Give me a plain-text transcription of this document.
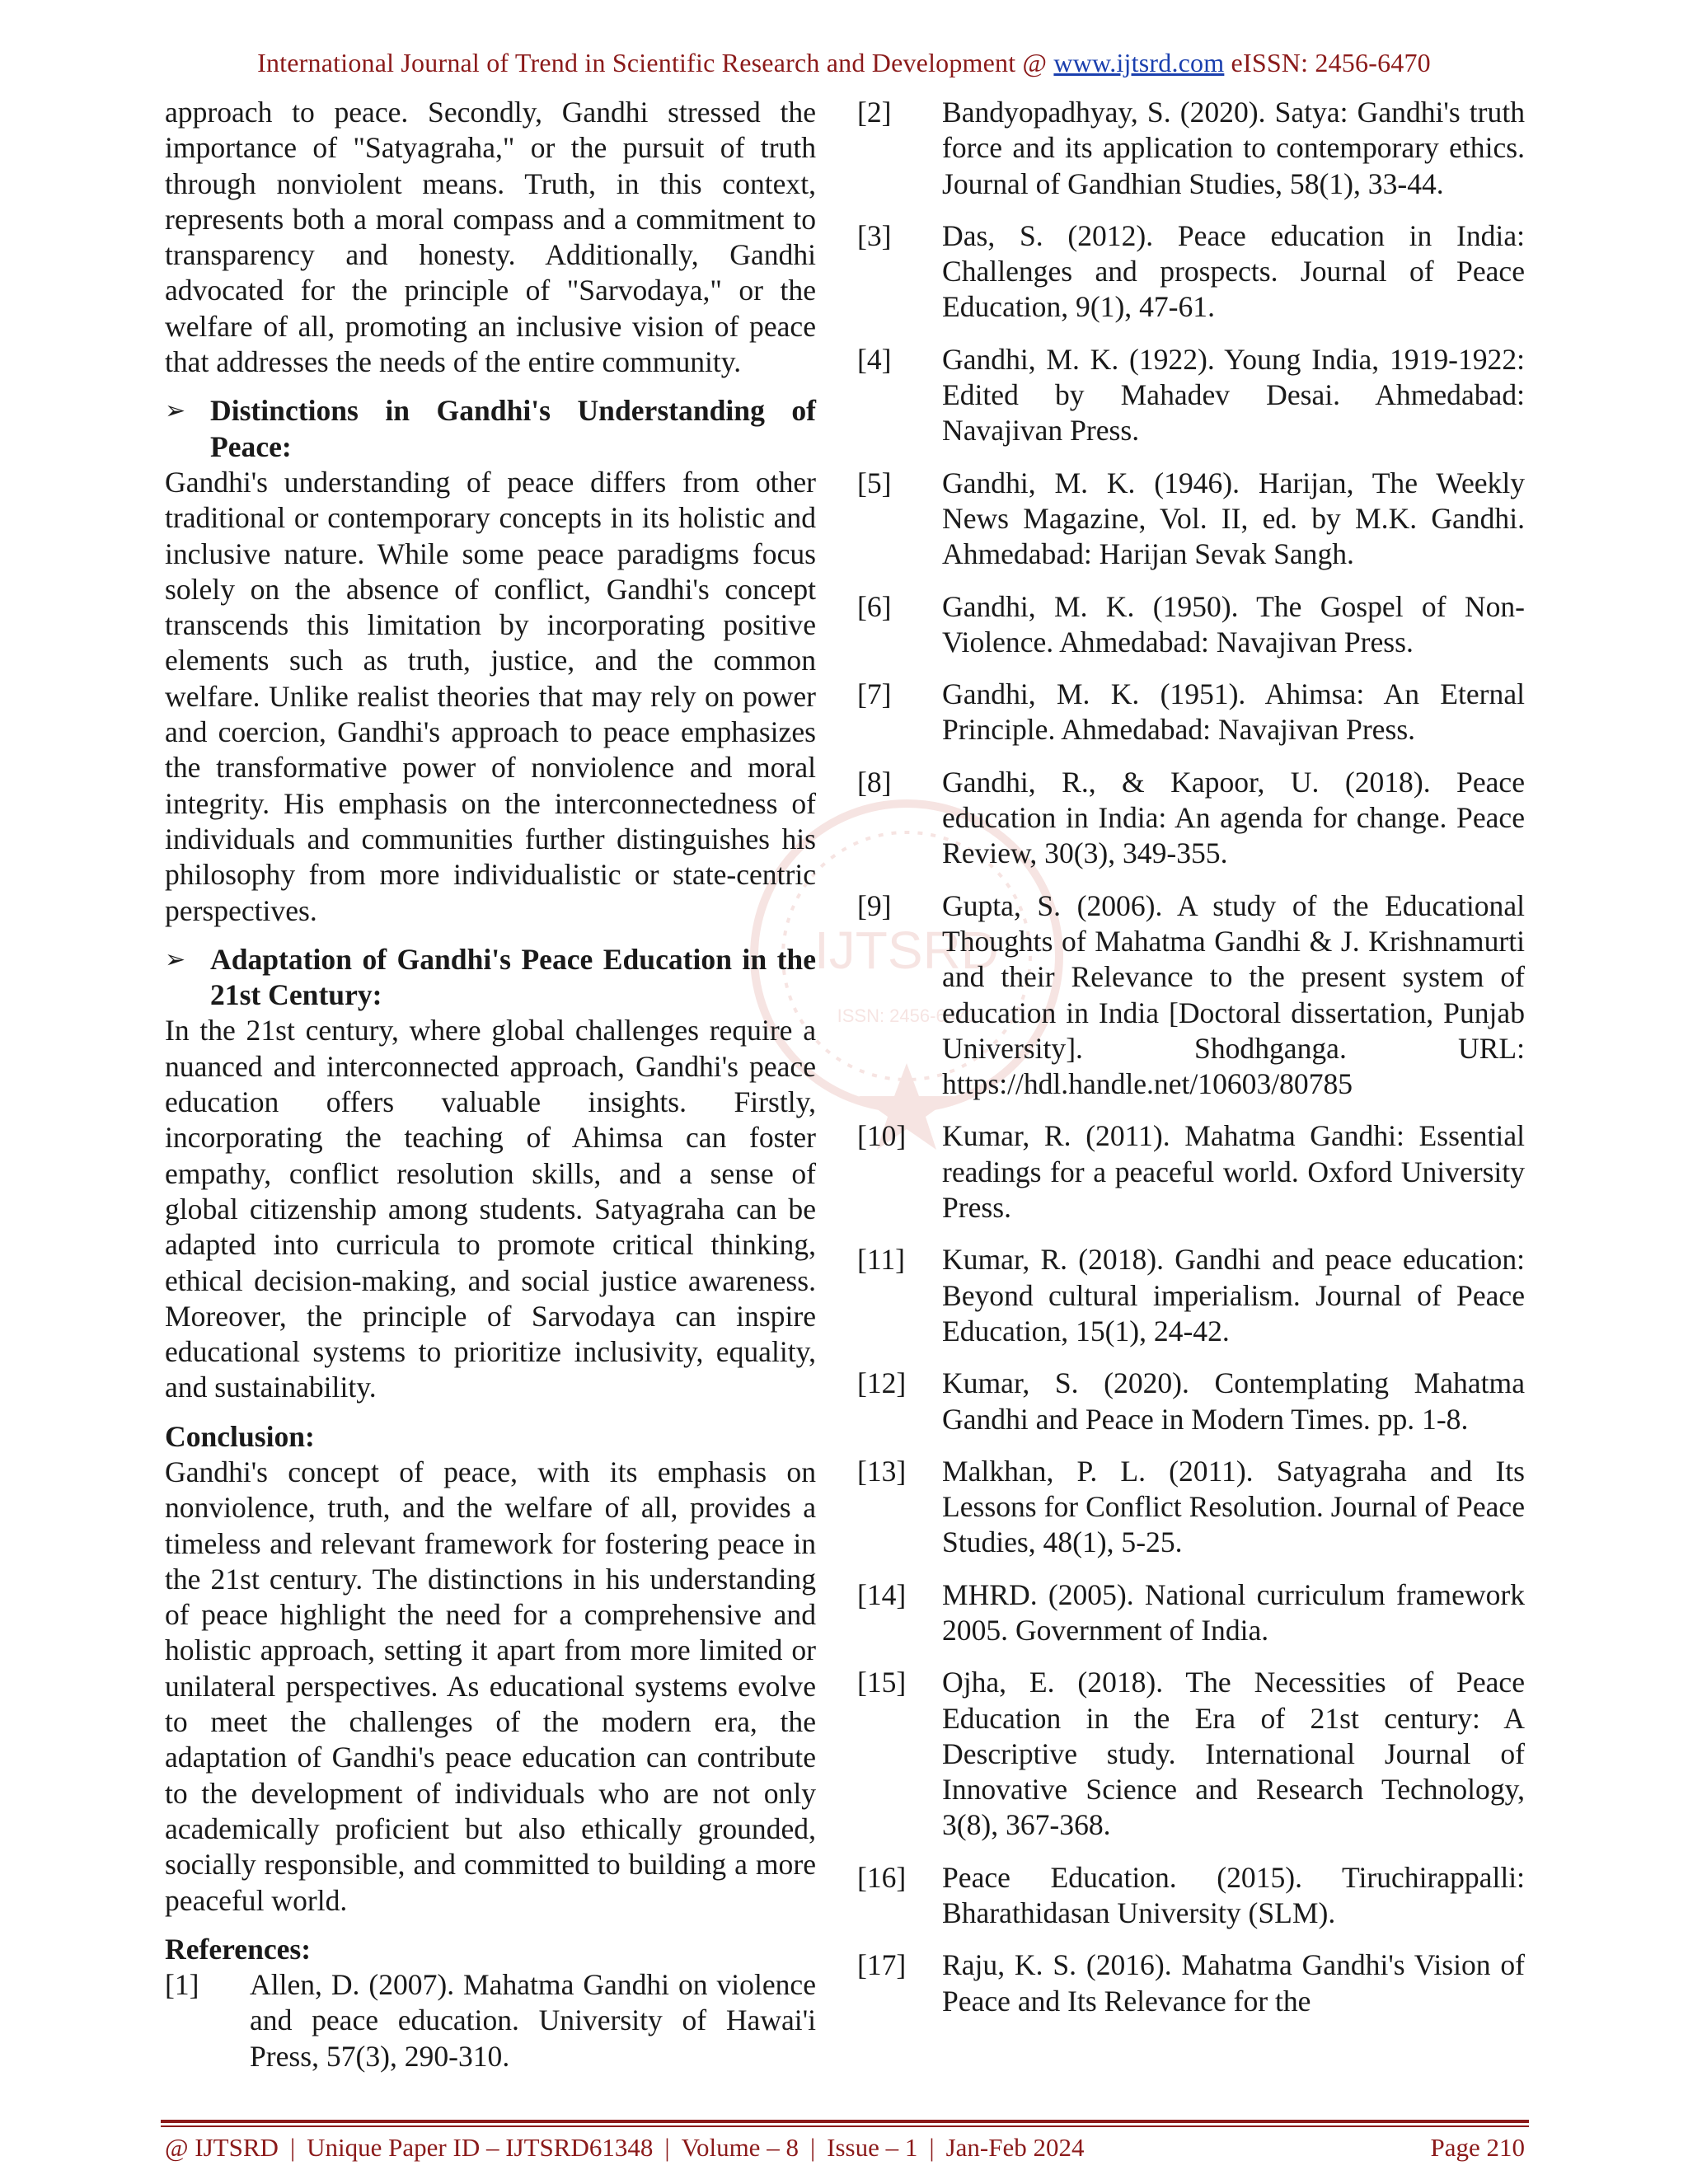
International Journal of Trend in Scientific Research and Development @ www.ijtsrd.com eISSN: 2456-6470
IJTSRD
ISSN: 2456-6470

approach to peace. Secondly, Gandhi stressed the importance of "Satyagraha," or the pursuit of truth through nonviolent means. Truth, in this context, represents both a moral compass and a commitment to transparency and honesty. Additionally, Gandhi advocated for the principle of "Sarvodaya," or the welfare of all, promoting an inclusive vision of peace that addresses the needs of the entire community.

➢ Distinctions in Gandhi's Understanding of Peace:

Gandhi's understanding of peace differs from other traditional or contemporary concepts in its holistic and inclusive nature. While some peace paradigms focus solely on the absence of conflict, Gandhi's concept transcends this limitation by incorporating positive elements such as truth, justice, and the common welfare. Unlike realist theories that may rely on power and coercion, Gandhi's approach to peace emphasizes the transformative power of nonviolence and moral integrity. His emphasis on the interconnectedness of individuals and communities further distinguishes his philosophy from more individualistic or state-centric perspectives.

➢ Adaptation of Gandhi's Peace Education in the 21st Century:

In the 21st century, where global challenges require a nuanced and interconnected approach, Gandhi's peace education offers valuable insights. Firstly, incorporating the teaching of Ahimsa can foster empathy, conflict resolution skills, and a sense of global citizenship among students. Satyagraha can be adapted into curricula to promote critical thinking, ethical decision-making, and social justice awareness. Moreover, the principle of Sarvodaya can inspire educational systems to prioritize inclusivity, equality, and sustainability.

Conclusion:

Gandhi's concept of peace, with its emphasis on nonviolence, truth, and the welfare of all, provides a timeless and relevant framework for fostering peace in the 21st century. The distinctions in his understanding of peace highlight the need for a comprehensive and holistic approach, setting it apart from more limited or unilateral perspectives. As educational systems evolve to meet the challenges of the modern era, the adaptation of Gandhi's peace education can contribute to the development of individuals who are not only academically proficient but also ethically grounded, socially responsible, and committed to building a more peaceful world.

References:

[1] Allen, D. (2007). Mahatma Gandhi on violence and peace education. University of Hawai'i Press, 57(3), 290-310.
[2] Bandyopadhyay, S. (2020). Satya: Gandhi's truth force and its application to contemporary ethics. Journal of Gandhian Studies, 58(1), 33-44.
[3] Das, S. (2012). Peace education in India: Challenges and prospects. Journal of Peace Education, 9(1), 47-61.
[4] Gandhi, M. K. (1922). Young India, 1919-1922: Edited by Mahadev Desai. Ahmedabad: Navajivan Press.
[5] Gandhi, M. K. (1946). Harijan, The Weekly News Magazine, Vol. II, ed. by M.K. Gandhi. Ahmedabad: Harijan Sevak Sangh.
[6] Gandhi, M. K. (1950). The Gospel of Non-Violence. Ahmedabad: Navajivan Press.
[7] Gandhi, M. K. (1951). Ahimsa: An Eternal Principle. Ahmedabad: Navajivan Press.
[8] Gandhi, R., & Kapoor, U. (2018). Peace education in India: An agenda for change. Peace Review, 30(3), 349-355.
[9] Gupta, S. (2006). A study of the Educational Thoughts of Mahatma Gandhi & J. Krishnamurti and their Relevance to the present system of education in India [Doctoral dissertation, Punjab University]. Shodhganga. URL: https://hdl.handle.net/10603/80785
[10] Kumar, R. (2011). Mahatma Gandhi: Essential readings for a peaceful world. Oxford University Press.
[11] Kumar, R. (2018). Gandhi and peace education: Beyond cultural imperialism. Journal of Peace Education, 15(1), 24-42.
[12] Kumar, S. (2020). Contemplating Mahatma Gandhi and Peace in Modern Times. pp. 1-8.
[13] Malkhan, P. L. (2011). Satyagraha and Its Lessons for Conflict Resolution. Journal of Peace Studies, 48(1), 5-25.
[14] MHRD. (2005). National curriculum framework 2005. Government of India.
[15] Ojha, E. (2018). The Necessities of Peace Education in the Era of 21st century: A Descriptive study. International Journal of Innovative Science and Research Technology, 3(8), 367-368.
[16] Peace Education. (2015). Tiruchirappalli: Bharathidasan University (SLM).
[17] Raju, K. S. (2016). Mahatma Gandhi's Vision of Peace and Its Relevance for the
@ IJTSRD | Unique Paper ID – IJTSRD61348 | Volume – 8 | Issue – 1 | Jan-Feb 2024	Page 210
